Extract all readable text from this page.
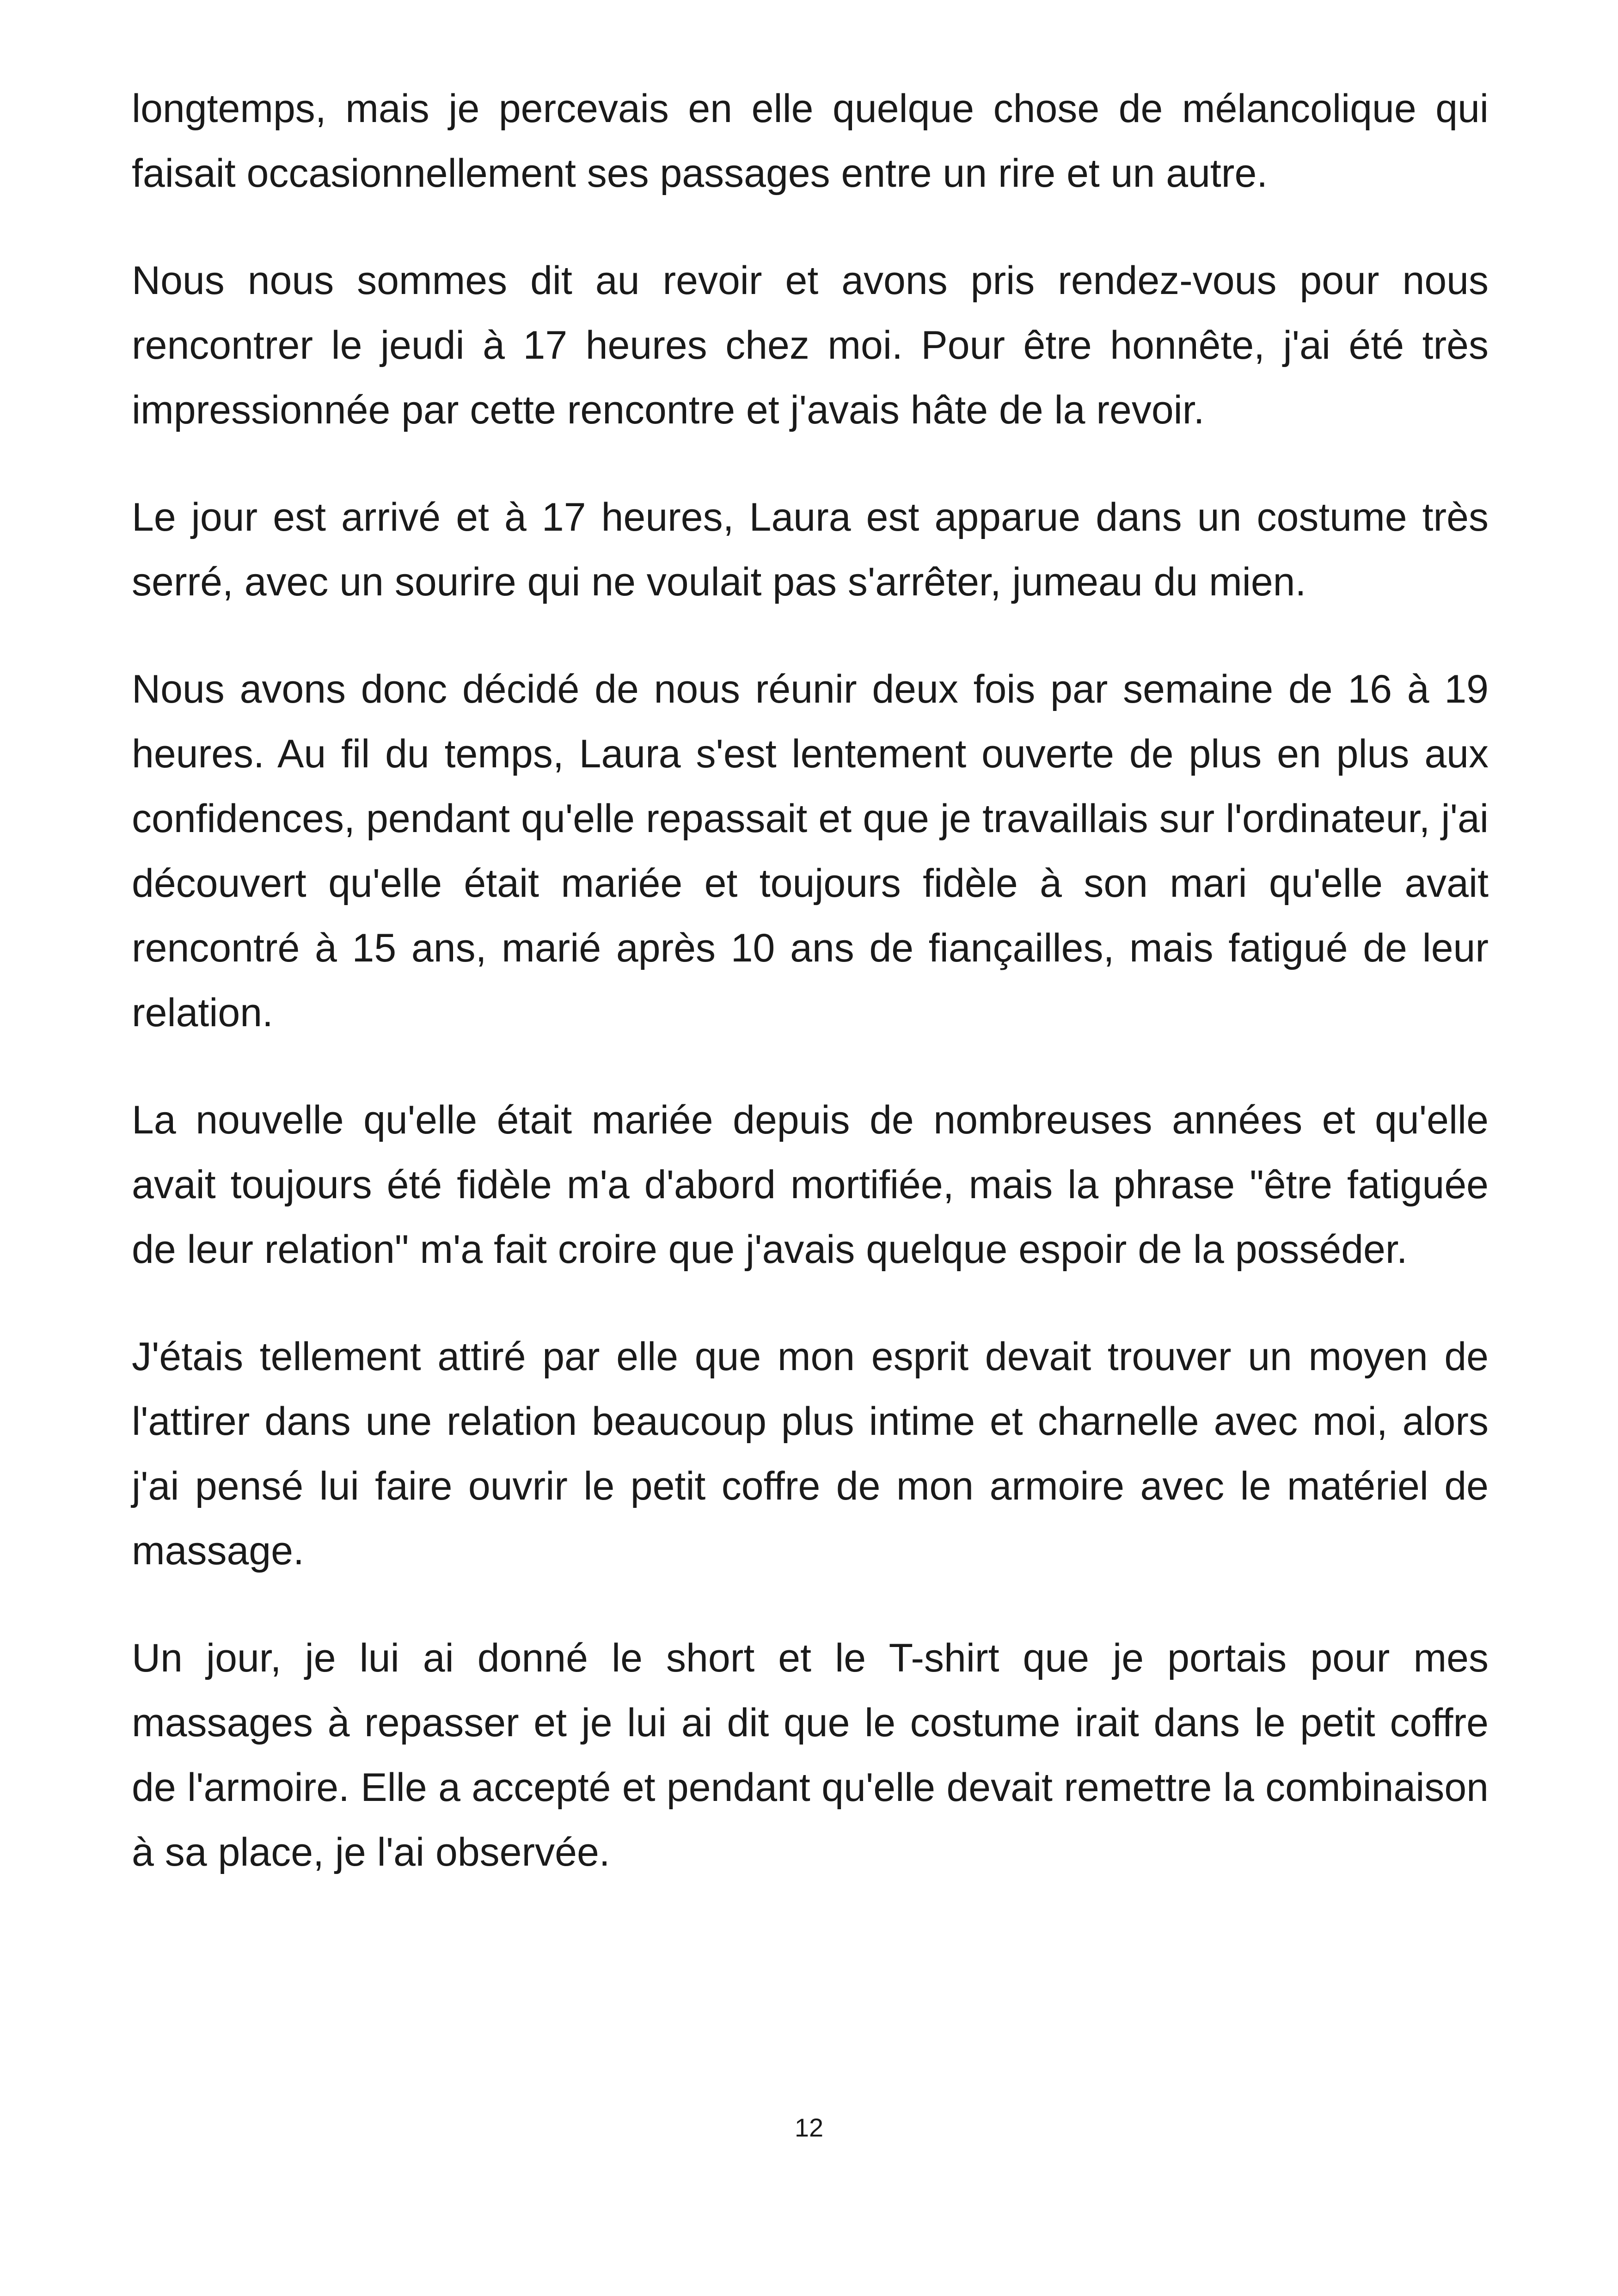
longtemps, mais je percevais en elle quelque chose de mélancolique qui faisait occasionnellement ses passages entre un rire et un autre.

Nous nous sommes dit au revoir et avons pris rendez-vous pour nous rencontrer le jeudi à 17 heures chez moi. Pour être honnête, j'ai été très impressionnée par cette rencontre et j'avais hâte de la revoir.

Le jour est arrivé et à 17 heures, Laura est apparue dans un costume très serré, avec un sourire qui ne voulait pas s'arrêter, jumeau du mien.

Nous avons donc décidé de nous réunir deux fois par semaine de 16 à 19 heures. Au fil du temps, Laura s'est lentement ouverte de plus en plus aux confidences, pendant qu'elle repassait et que je travaillais sur l'ordinateur, j'ai découvert qu'elle était mariée et toujours fidèle à son mari qu'elle avait rencontré à 15 ans, marié après 10 ans de fiançailles, mais fatigué de leur relation.

La nouvelle qu'elle était mariée depuis de nombreuses années et qu'elle avait toujours été fidèle m'a d'abord mortifiée, mais la phrase "être fatiguée de leur relation" m'a fait croire que j'avais quelque espoir de la posséder.

J'étais tellement attiré par elle que mon esprit devait trouver un moyen de l'attirer dans une relation beaucoup plus intime et charnelle avec moi, alors j'ai pensé lui faire ouvrir le petit coffre de mon armoire avec le matériel de massage.

Un jour, je lui ai donné le short et le T-shirt que je portais pour mes massages à repasser et je lui ai dit que le costume irait dans le petit coffre de l'armoire. Elle a accepté et pendant qu'elle devait remettre la combinaison à sa place, je l'ai observée.

12
